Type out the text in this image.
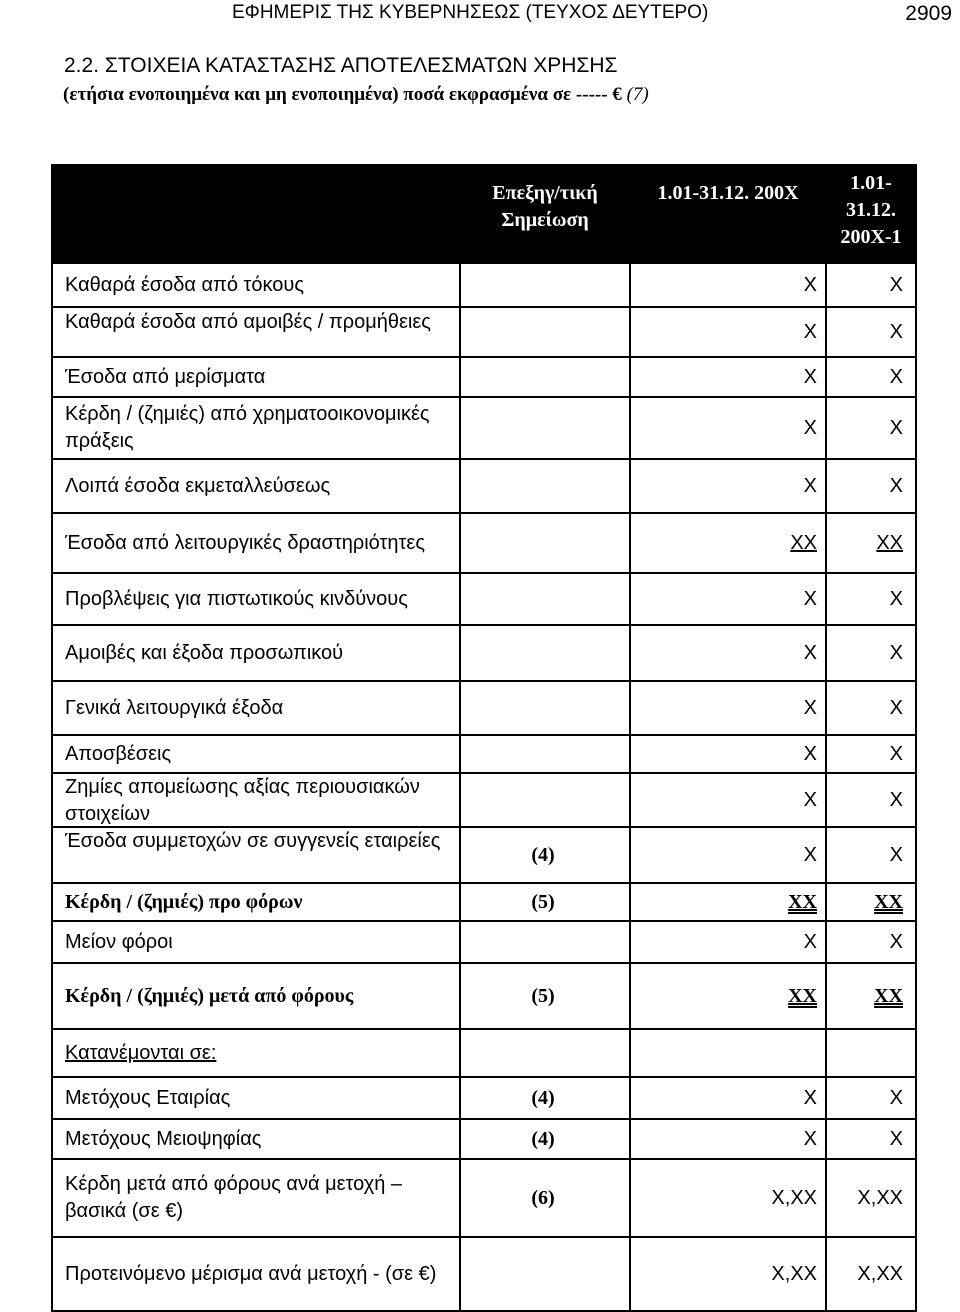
ΕΦΗΜΕΡΙΣ ΤΗΣ ΚΥΒΕΡΝΗΣΕΩΣ (ΤΕΥΧΟΣ ΔΕΥΤΕΡΟ)	2909
2.2. ΣΤΟΙΧΕΙΑ ΚΑΤΑΣΤΑΣΗΣ ΑΠΟΤΕΛΕΣΜΑΤΩΝ ΧΡΗΣΗΣ
(ετήσια ενοποιημένα και μη ενοποιημένα) ποσά εκφρασμένα σε ----- € (7)
	Επεξηγ/τική Σημείωση	1.01-31.12. 200X	1.01- 31.12. 200X-1
Καθαρά έσοδα από τόκους		X	X

Καθαρά έσοδα από αμοιβές / προμήθειες		X	X
Έσοδα από μερίσματα		X	X
Κέρδη / (ζημιές) από χρηματοοικονομικές πράξεις		X	X
Λοιπά έσοδα εκμεταλλεύσεως		X	X
Έσοδα από λειτουργικές δραστηριότητες		XX	XX
Προβλέψεις για πιστωτικούς κινδύνους		X	X
Αμοιβές και έξοδα προσωπικού		X	X
Γενικά λειτουργικά έξοδα		X	X
Αποσβέσεις		X	X

Ζημίες απομείωσης αξίας περιουσιακών στοιχείων		X	X

Έσοδα συμμετοχών σε συγγενείς εταιρείες	(4)	X	X
Κέρδη / (ζημιές) προ φόρων	(5)	XX	XX
Μείον φόροι		X	X
Κέρδη / (ζημιές) μετά από φόρους	(5)	XX	XX
Κατανέμονται σε:			
Μετόχους Εταιρίας	(4)	X	X
Μετόχους Μειοψηφίας	(4)	X	X
Κέρδη μετά από φόρους ανά μετοχή – βασικά (σε €)	(6)	X,XX	X,XX
Προτεινόμενο μέρισμα ανά μετοχή - (σε €)		X,XX	X,XX
